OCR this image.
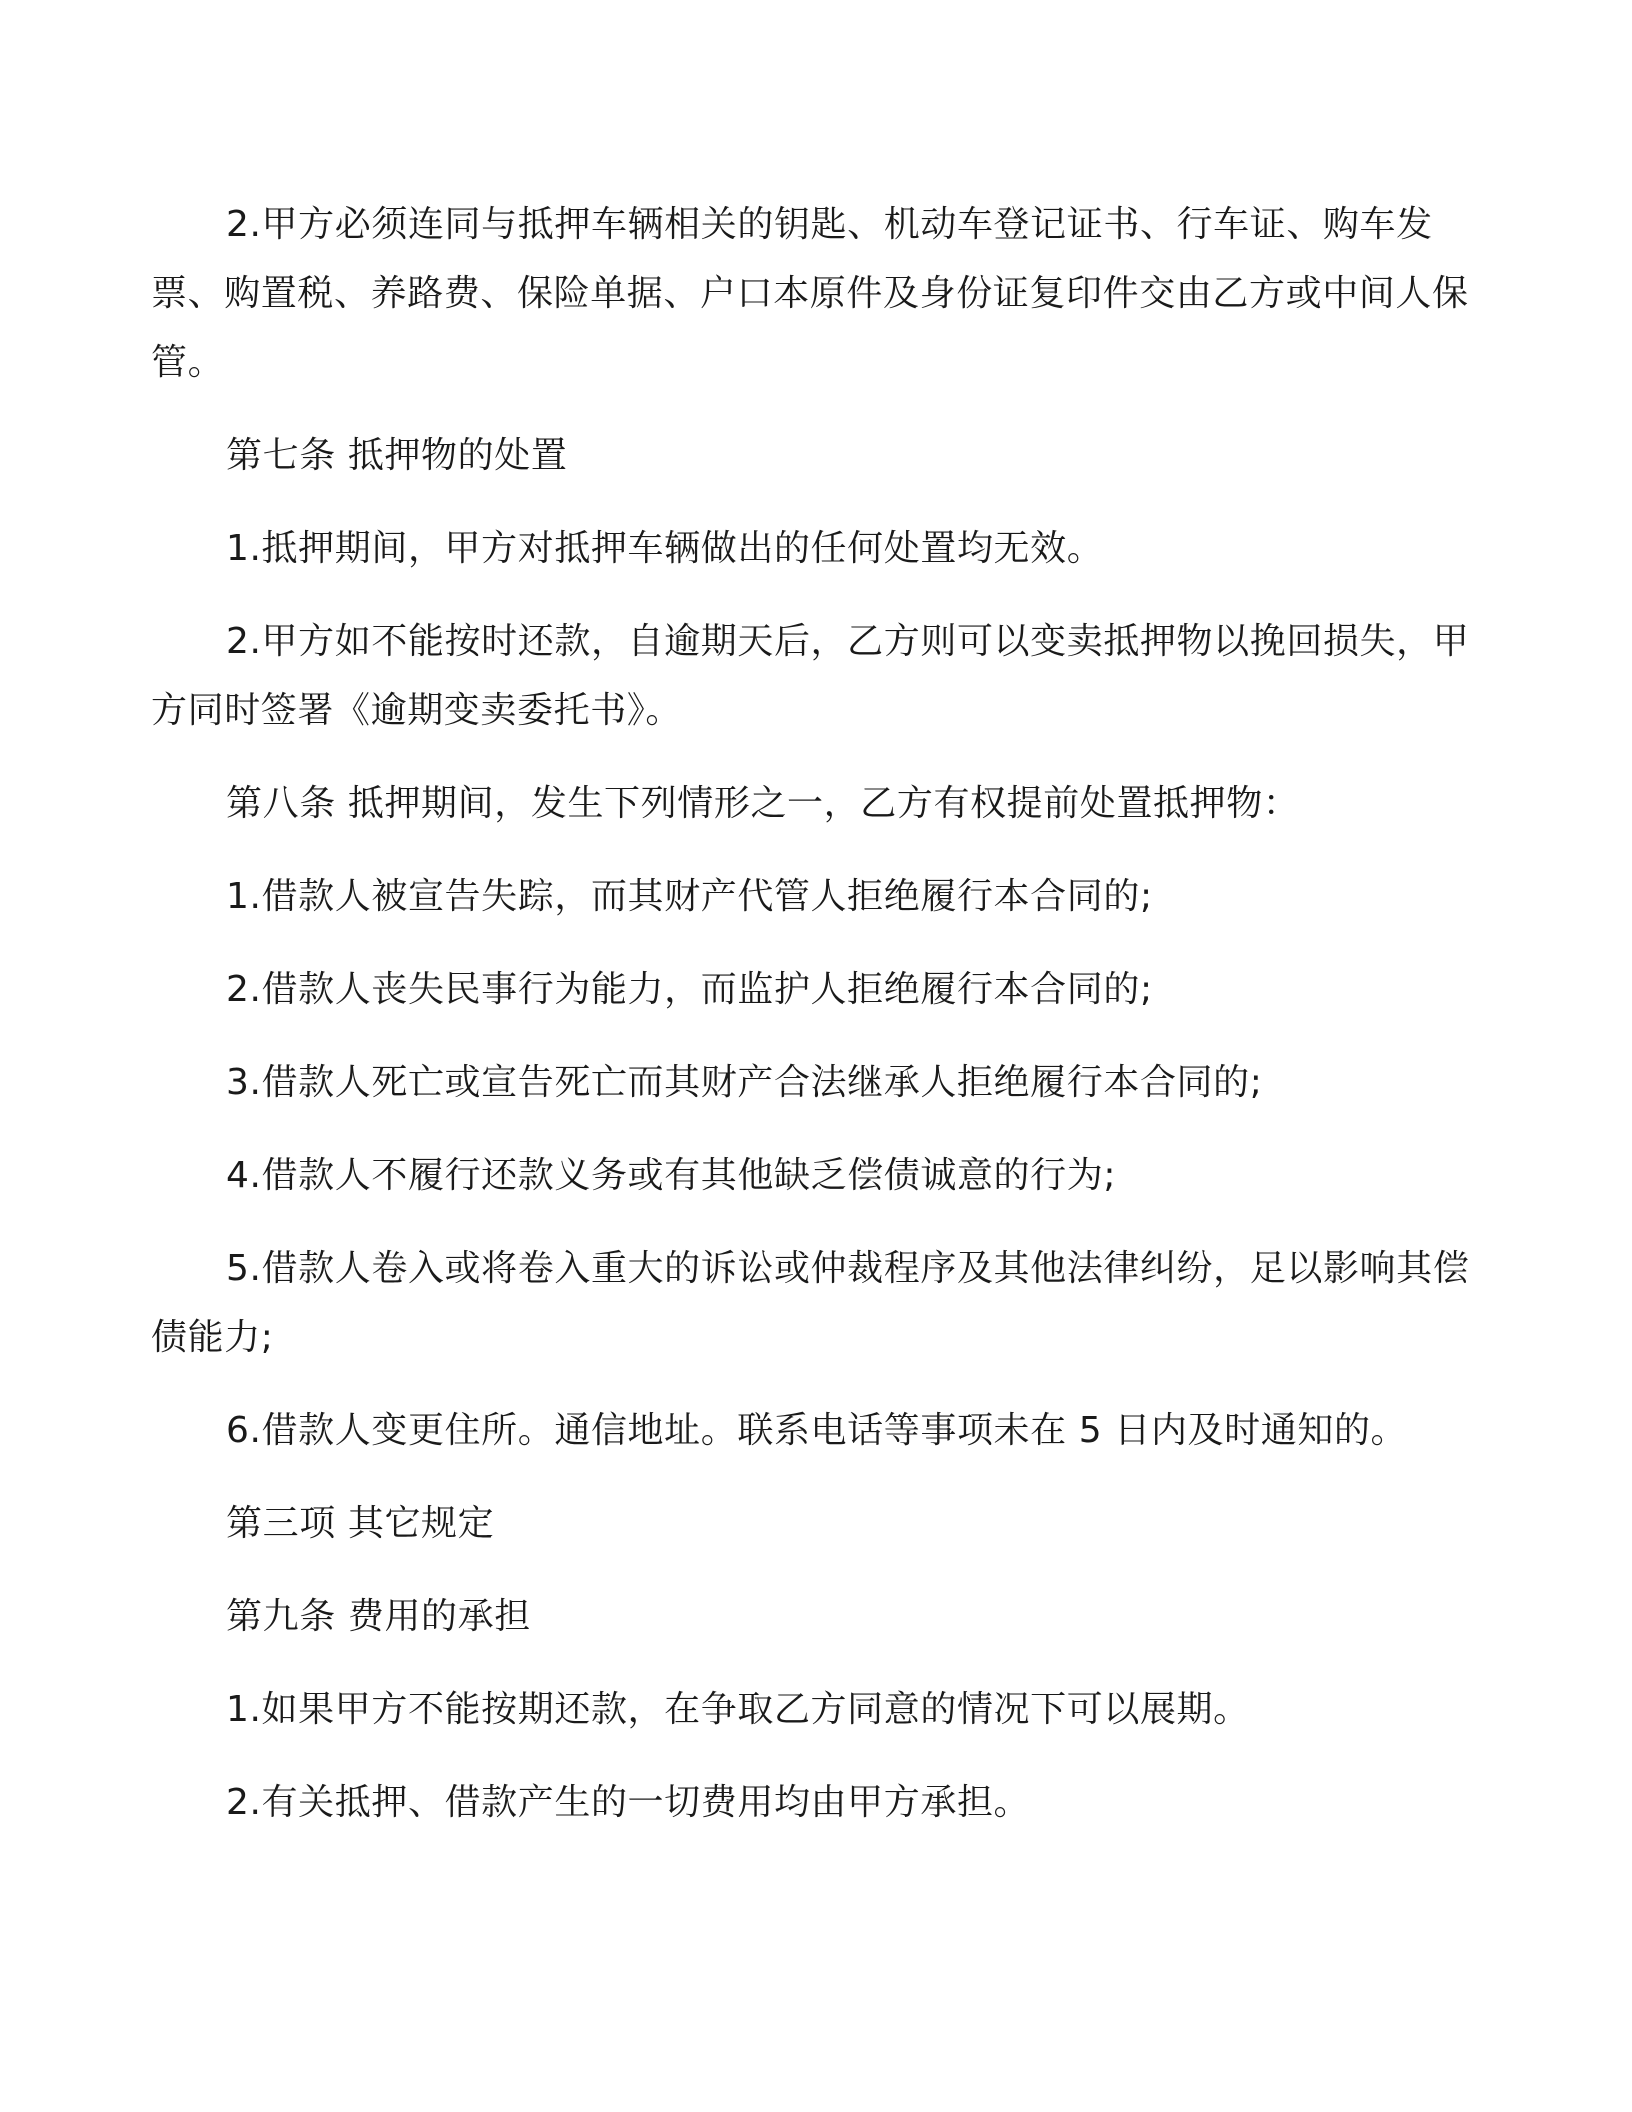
2.甲方必须连同与抵押车辆相关的钥匙、机动车登记证书、行车证、购车发票、购置税、养路费、保险单据、户口本原件及身份证复印件交由乙方或中间人保管。

第七条 抵押物的处置

1.抵押期间，甲方对抵押车辆做出的任何处置均无效。

2.甲方如不能按时还款，自逾期天后，乙方则可以变卖抵押物以挽回损失，甲方同时签署《逾期变卖委托书》。

第八条 抵押期间，发生下列情形之一，乙方有权提前处置抵押物：

1.借款人被宣告失踪，而其财产代管人拒绝履行本合同的;

2.借款人丧失民事行为能力，而监护人拒绝履行本合同的;

3.借款人死亡或宣告死亡而其财产合法继承人拒绝履行本合同的;

4.借款人不履行还款义务或有其他缺乏偿债诚意的行为;

5.借款人卷入或将卷入重大的诉讼或仲裁程序及其他法律纠纷，足以影响其偿债能力;

6.借款人变更住所。通信地址。联系电话等事项未在 5 日内及时通知的。

第三项 其它规定

第九条 费用的承担

1.如果甲方不能按期还款，在争取乙方同意的情况下可以展期。

2.有关抵押、借款产生的一切费用均由甲方承担。
